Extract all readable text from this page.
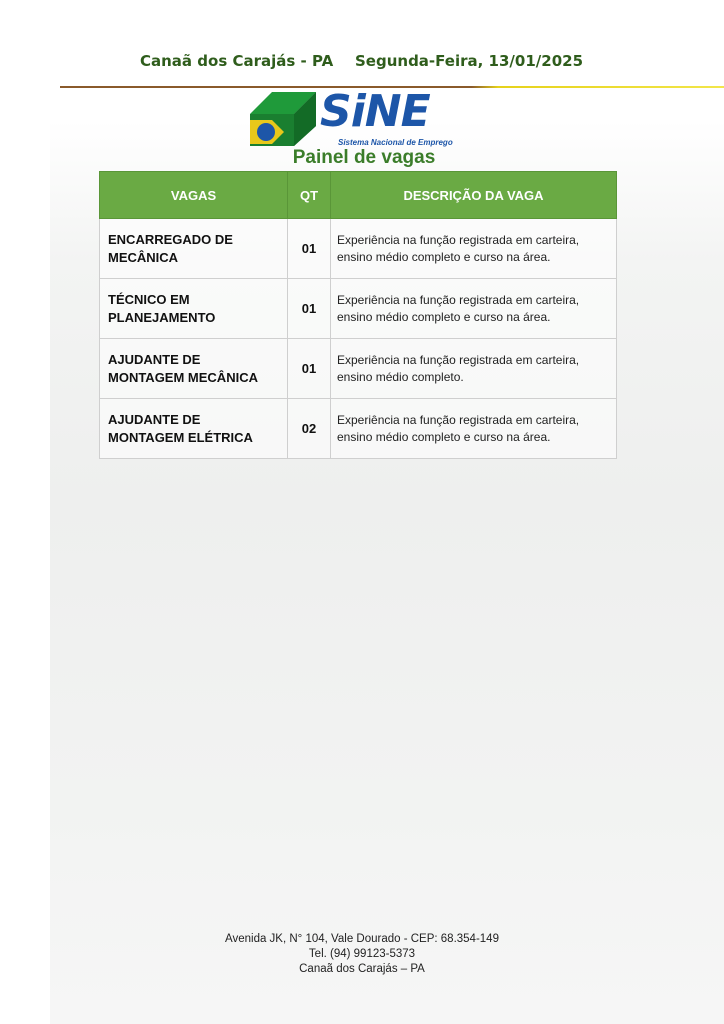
Canaã dos Carajás - PA Segunda-Feira, 13/01/2025
SiNE
Sistema Nacional de Emprego
Painel de vagas
VAGAS	QT	DESCRIÇÃO DA VAGA
ENCARREGADO DE MECÂNICA	01	Experiência na função registrada em carteira, ensino médio completo e curso na área.
TÉCNICO EM PLANEJAMENTO	01	Experiência na função registrada em carteira, ensino médio completo e curso na área.
AJUDANTE DE MONTAGEM MECÂNICA	01	Experiência na função registrada em carteira, ensino médio completo.
AJUDANTE DE MONTAGEM ELÉTRICA	02	Experiência na função registrada em carteira, ensino médio completo e curso na área.
Avenida JK, N° 104, Vale Dourado - CEP: 68.354-149
Tel. (94) 99123-5373
Canaã dos Carajás – PA
